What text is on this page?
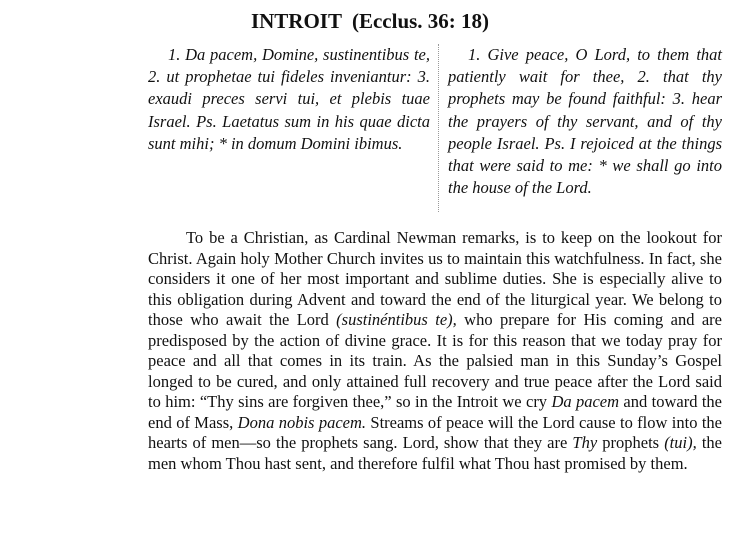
INTROIT (Ecclus. 36: 18)
1. Da pacem, Domine, sustinentibus te, 2. ut prophetae tui fideles inveniantur: 3. exaudi preces servi tui, et plebis tuae Israel. Ps. Laetatus sum in his quae dicta sunt mihi; * in domum Domini ibimus.
1. Give peace, O Lord, to them that patiently wait for thee, 2. that thy prophets may be found faithful: 3. hear the prayers of thy servant, and of thy people Israel. Ps. I rejoiced at the things that were said to me: * we shall go into the house of the Lord.
To be a Christian, as Cardinal Newman remarks, is to keep on the lookout for Christ. Again holy Mother Church invites us to maintain this watchfulness. In fact, she considers it one of her most important and sublime duties. She is especially alive to this obligation during Advent and toward the end of the liturgical year. We belong to those who await the Lord (sustinéntibus te), who prepare for His coming and are predisposed by the action of divine grace. It is for this reason that we today pray for peace and all that comes in its train. As the palsied man in this Sunday’s Gospel longed to be cured, and only attained full recovery and true peace after the Lord said to him: “Thy sins are forgiven thee,” so in the Introit we cry Da pacem and toward the end of Mass, Dona nobis pacem. Streams of peace will the Lord cause to flow into the hearts of men—so the prophets sang. Lord, show that they are Thy prophets (tui), the men whom Thou hast sent, and therefore fulfil what Thou hast promised by them.
